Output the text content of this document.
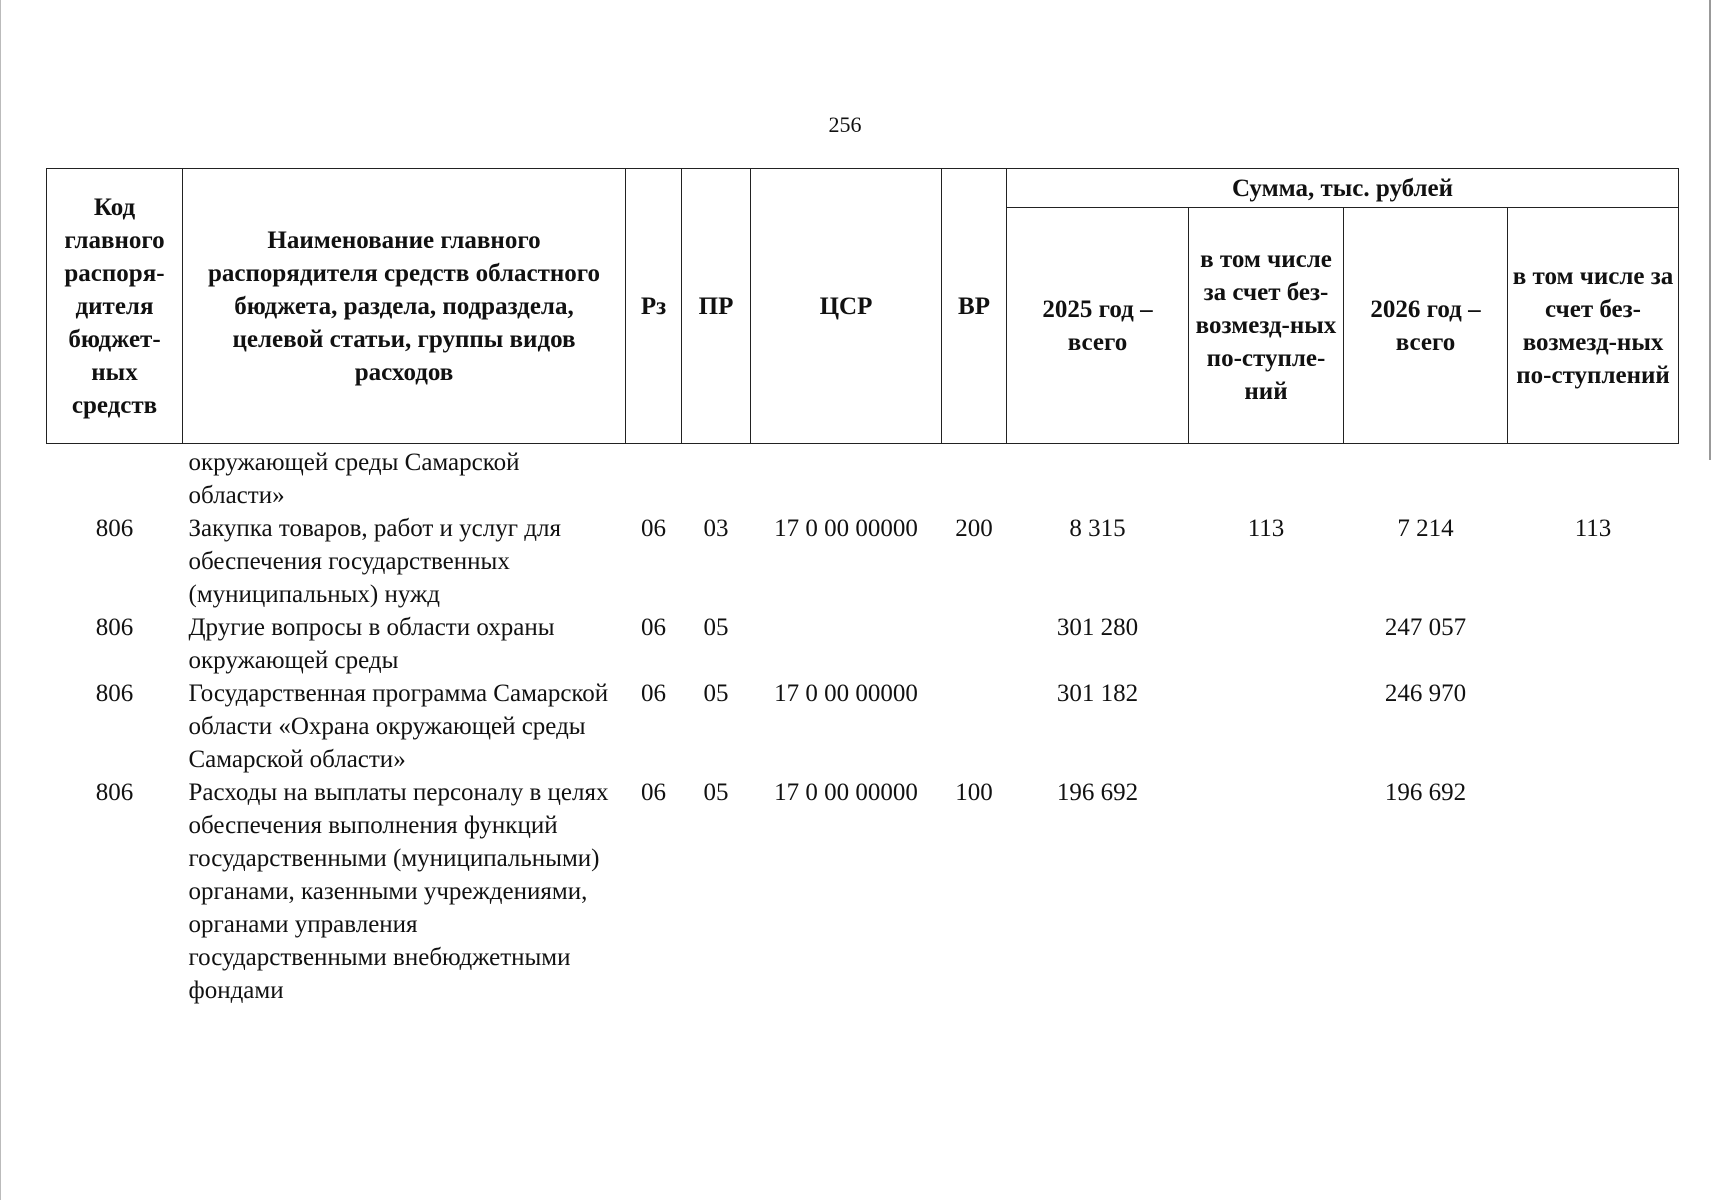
256
Код главного распоря-дителя бюджет-ных средств	Наименование главного распорядителя средств областного бюджета, раздела, подраздела, целевой статьи, группы видов расходов	Рз	ПР	ЦСР	ВР	Сумма, тыс. рублей			
						2025 год – всего	в том числе за счет без-возмезд-ных по-ступле-ний	2026 год – всего	в том числе за счет без-возмезд-ных по-ступлений
	окружающей среды Самарской области»								
806	Закупка товаров, работ и услуг для обеспечения государственных (муниципальных) нужд	06	03	17 0 00 00000	200	8 315	113	7 214	113
806	Другие вопросы в области охраны окружающей среды	06	05			301 280		247 057	
806	Государственная программа Самарской области «Охрана окружающей среды Самарской области»	06	05	17 0 00 00000		301 182		246 970	
806	Расходы на выплаты персоналу в целях обеспечения выполнения функций государственными (муниципальными) органами, казенными учреждениями, органами управления государственными внебюджетными фондами	06	05	17 0 00 00000	100	196 692		196 692	
